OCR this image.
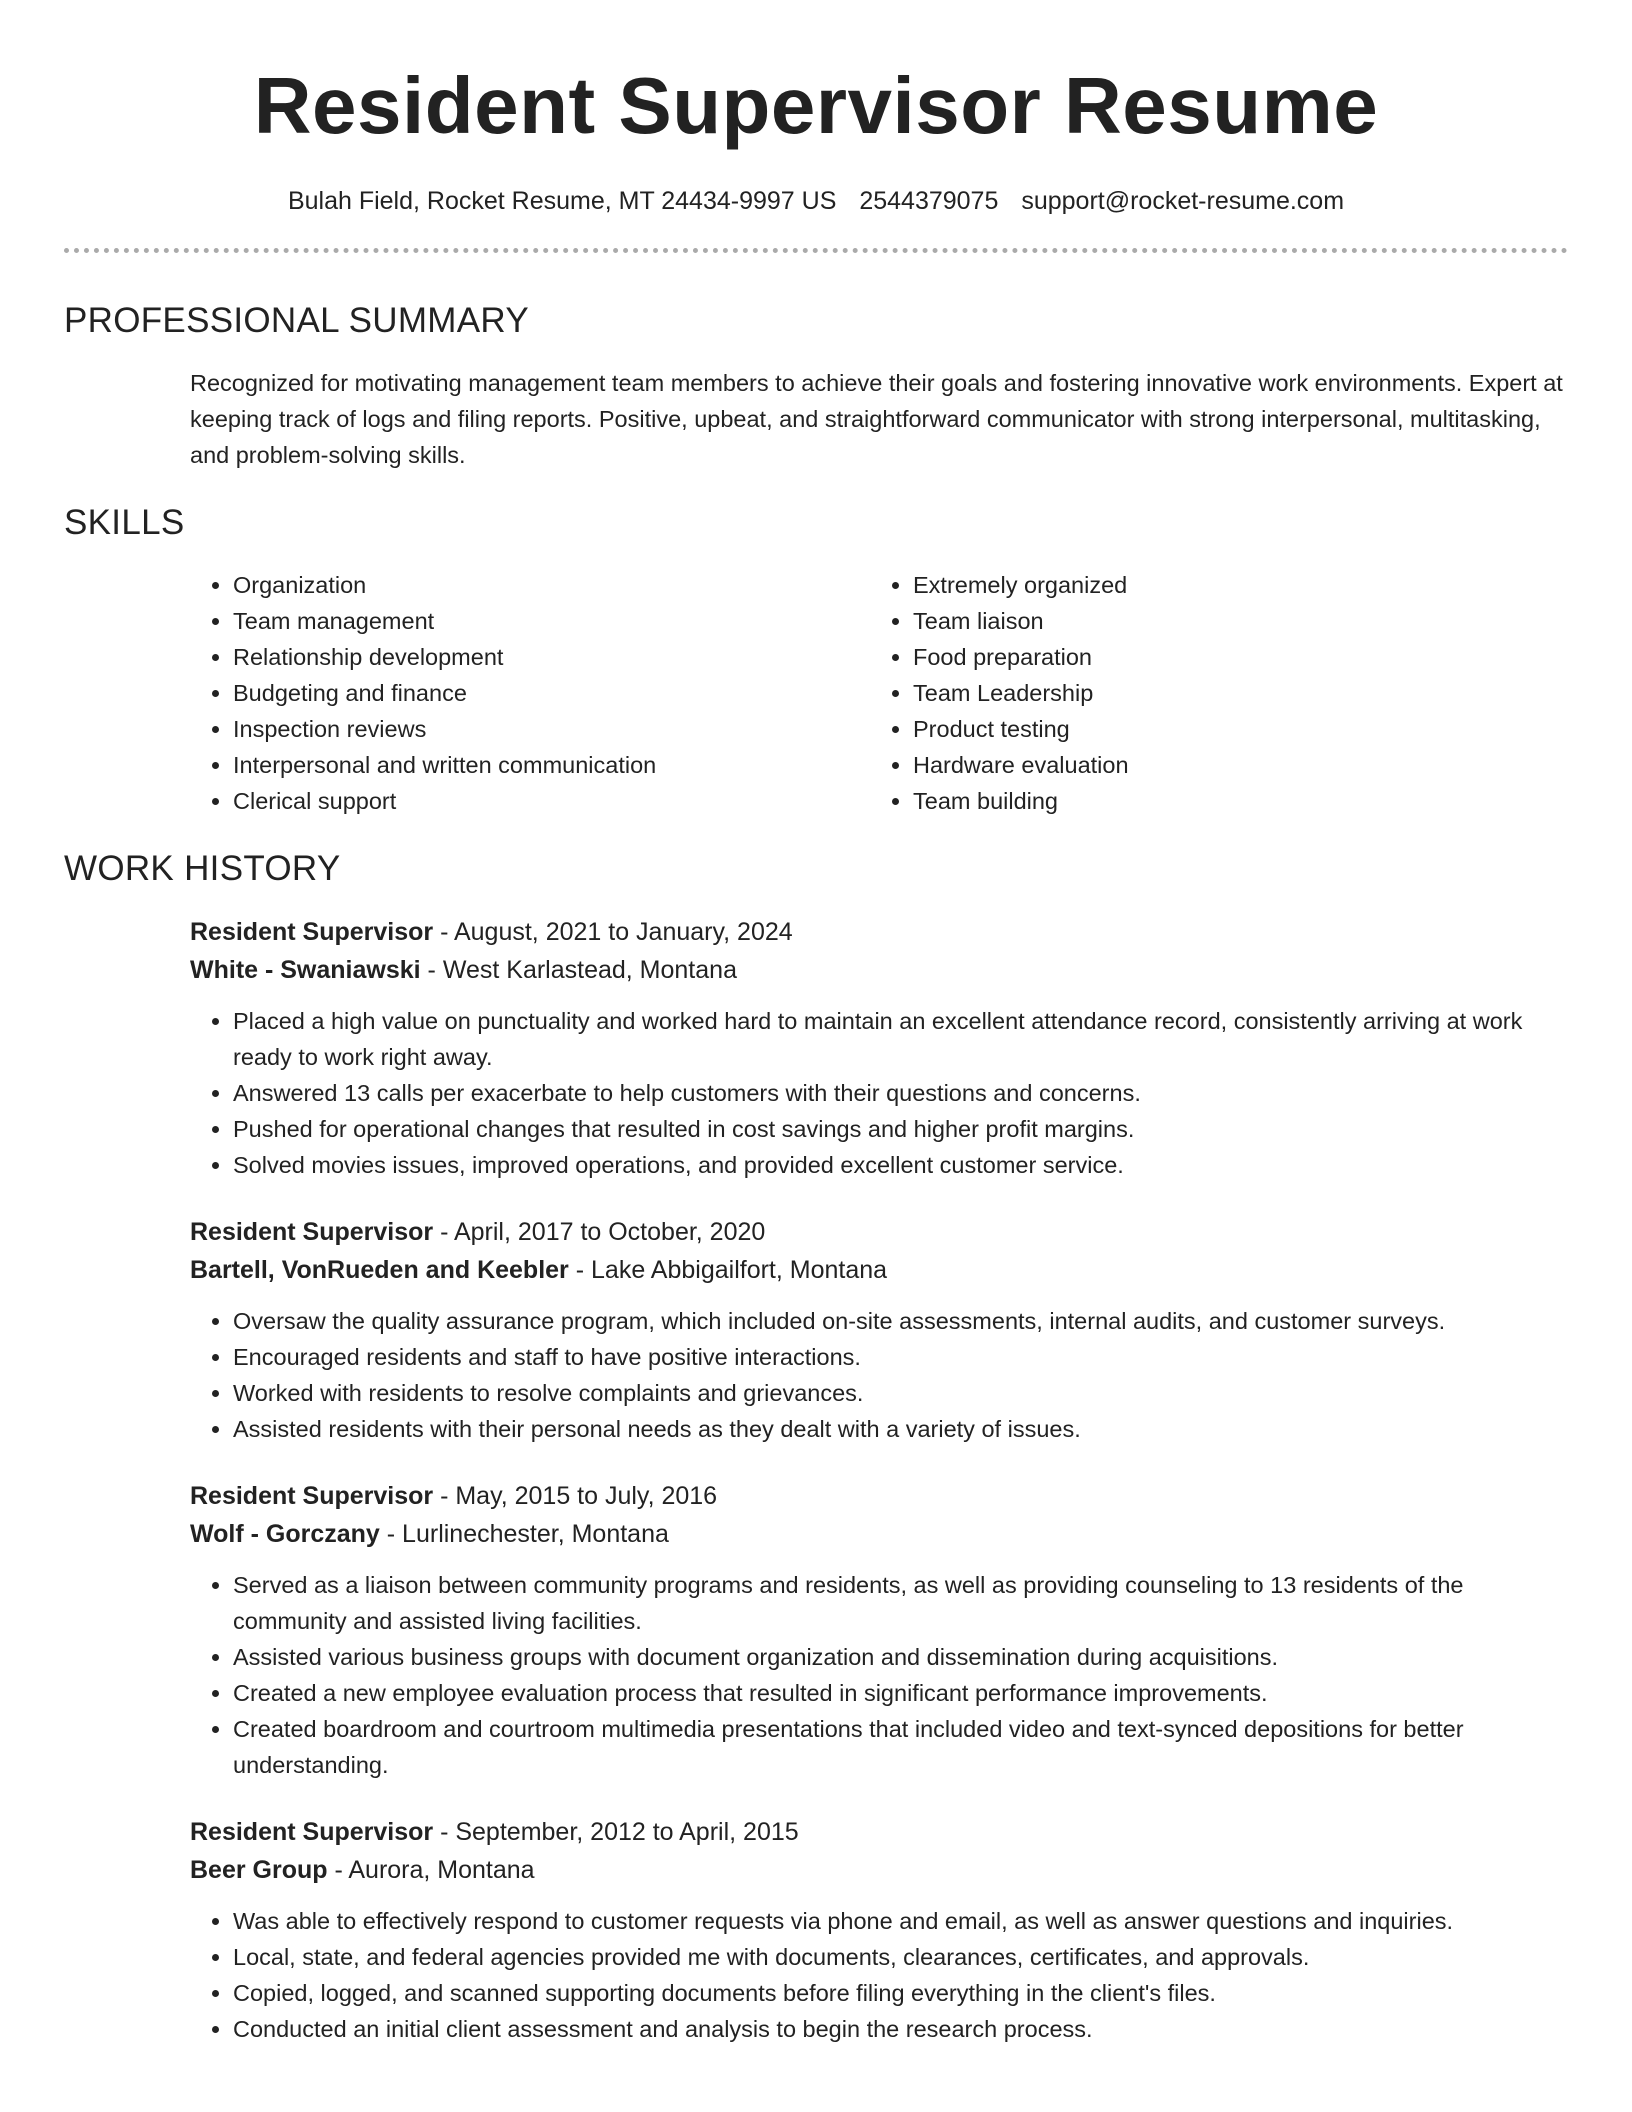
Resident Supervisor Resume
Bulah Field, Rocket Resume, MT 24434-9997 US 2544379075 support@rocket-resume.com
PROFESSIONAL SUMMARY

Recognized for motivating management team members to achieve their goals and fostering innovative work environments. Expert at keeping track of logs and filing reports. Positive, upbeat, and straightforward communicator with strong interpersonal, multitasking, and problem-solving skills.

SKILLS
• Organization
• Team management
• Relationship development
• Budgeting and finance
• Inspection reviews
• Interpersonal and written communication
• Clerical support
• Extremely organized
• Team liaison
• Food preparation
• Team Leadership
• Product testing
• Hardware evaluation
• Team building
WORK HISTORY
Resident Supervisor - August, 2021 to January, 2024
White - Swaniawski - West Karlastead, Montana
• Placed a high value on punctuality and worked hard to maintain an excellent attendance record, consistently arriving at work ready to work right away.
• Answered 13 calls per exacerbate to help customers with their questions and concerns.
• Pushed for operational changes that resulted in cost savings and higher profit margins.
• Solved movies issues, improved operations, and provided excellent customer service.
Resident Supervisor - April, 2017 to October, 2020
Bartell, VonRueden and Keebler - Lake Abbigailfort, Montana
• Oversaw the quality assurance program, which included on-site assessments, internal audits, and customer surveys.
• Encouraged residents and staff to have positive interactions.
• Worked with residents to resolve complaints and grievances.
• Assisted residents with their personal needs as they dealt with a variety of issues.
Resident Supervisor - May, 2015 to July, 2016
Wolf - Gorczany - Lurlinechester, Montana
• Served as a liaison between community programs and residents, as well as providing counseling to 13 residents of the community and assisted living facilities.
• Assisted various business groups with document organization and dissemination during acquisitions.
• Created a new employee evaluation process that resulted in significant performance improvements.
• Created boardroom and courtroom multimedia presentations that included video and text-synced depositions for better understanding.
Resident Supervisor - September, 2012 to April, 2015
Beer Group - Aurora, Montana
• Was able to effectively respond to customer requests via phone and email, as well as answer questions and inquiries.
• Local, state, and federal agencies provided me with documents, clearances, certificates, and approvals.
• Copied, logged, and scanned supporting documents before filing everything in the client's files.
• Conducted an initial client assessment and analysis to begin the research process.
